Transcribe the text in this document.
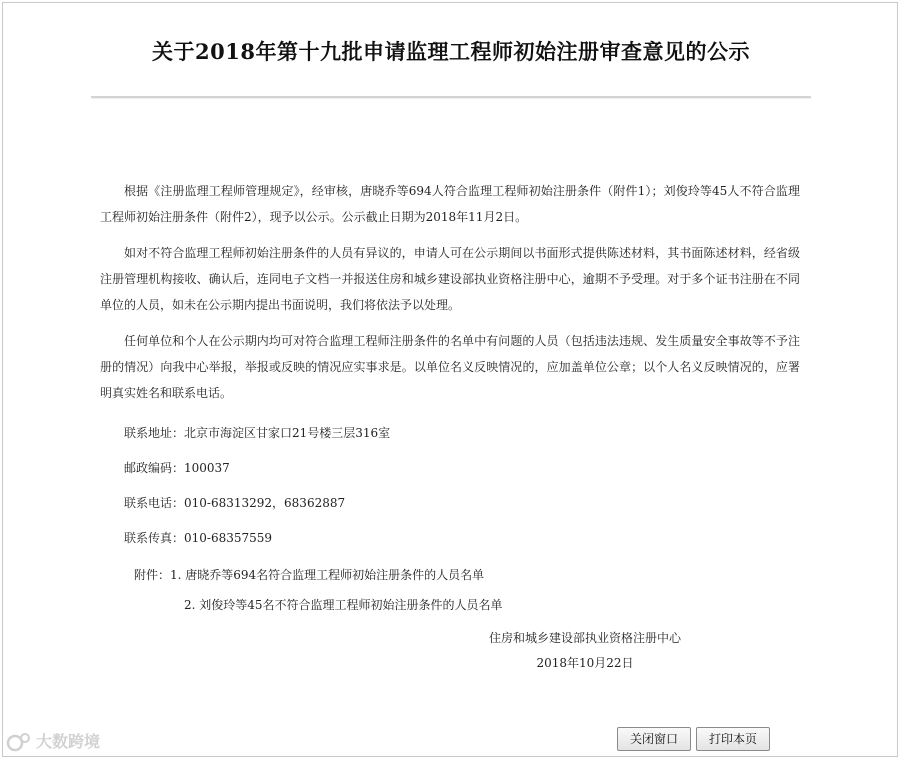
关于2018年第十九批申请监理工程师初始注册审查意见的公示

根据《注册监理工程师管理规定》，经审核，唐晓乔等694人符合监理工程师初始注册条件（附件1）；刘俊玲等45人不符合监理工程师初始注册条件（附件2），现予以公示。公示截止日期为2018年11月2日。

如对不符合监理工程师初始注册条件的人员有异议的，申请人可在公示期间以书面形式提供陈述材料，其书面陈述材料，经省级注册管理机构接收、确认后，连同电子文档一并报送住房和城乡建设部执业资格注册中心，逾期不予受理。对于多个证书注册在不同单位的人员，如未在公示期内提出书面说明，我们将依法予以处理。

任何单位和个人在公示期内均可对符合监理工程师注册条件的名单中有问题的人员（包括违法违规、发生质量安全事故等不予注册的情况）向我中心举报，举报或反映的情况应实事求是。以单位名义反映情况的，应加盖单位公章；以个人名义反映情况的，应署明真实姓名和联系电话。

联系地址：北京市海淀区甘家口21号楼三层316室

邮政编码：100037

联系电话：010-68313292，68362887

联系传真：010-68357559

附件：1. 唐晓乔等694名符合监理工程师初始注册条件的人员名单

2. 刘俊玲等45名不符合监理工程师初始注册条件的人员名单

住房和城乡建设部执业资格注册中心
2018年10月22日
关闭窗口	打印本页
大数跨境
